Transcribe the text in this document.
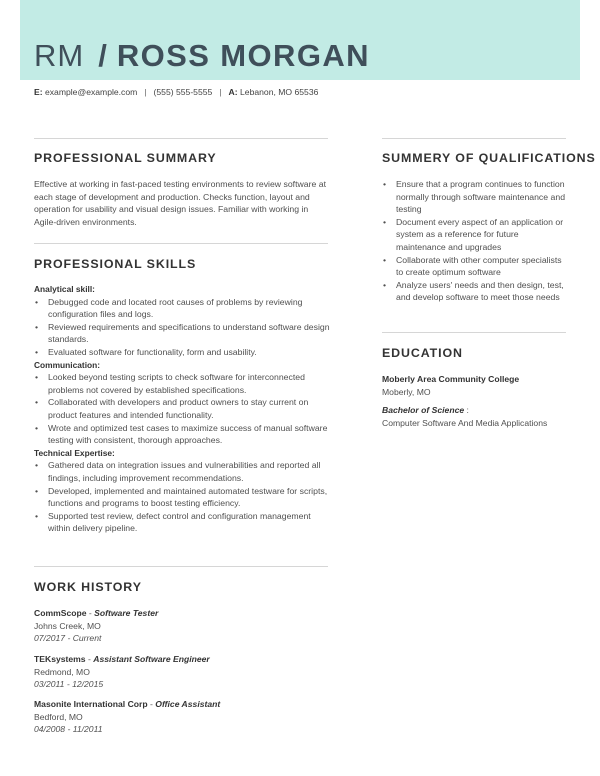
RM / ROSS MORGAN
E: example@example.com | (555) 555-5555 | A: Lebanon, MO 65536
PROFESSIONAL SUMMARY
Effective at working in fast-paced testing environments to review software at each stage of development and production. Checks function, layout and operation for usability and visual design issues. Familiar with working in Agile-driven environments.
PROFESSIONAL SKILLS
Analytical skill:
• Debugged code and located root causes of problems by reviewing configuration files and logs.
• Reviewed requirements and specifications to understand software design standards.
• Evaluated software for functionality, form and usability.
Communication:
• Looked beyond testing scripts to check software for interconnected problems not covered by established specifications.
• Collaborated with developers and product owners to stay current on product features and intended functionality.
• Wrote and optimized test cases to maximize success of manual software testing with consistent, thorough approaches.
Technical Expertise:
• Gathered data on integration issues and vulnerabilities and reported all findings, including improvement recommendations.
• Developed, implemented and maintained automated testware for scripts, functions and programs to boost testing efficiency.
• Supported test review, defect control and configuration management within delivery pipeline.
WORK HISTORY
CommScope - Software Tester
Johns Creek, MO
07/2017 - Current
TEKsystems - Assistant Software Engineer
Redmond, MO
03/2011 - 12/2015
Masonite International Corp - Office Assistant
Bedford, MO
04/2008 - 11/2011
SUMMERY OF QUALIFICATIONS
• Ensure that a program continues to function normally through software maintenance and testing
• Document every aspect of an application or system as a reference for future maintenance and upgrades
• Collaborate with other computer specialists to create optimum software
• Analyze users' needs and then design, test, and develop software to meet those needs
EDUCATION
Moberly Area Community College
Moberly, MO
Bachelor of Science :
Computer Software And Media Applications
